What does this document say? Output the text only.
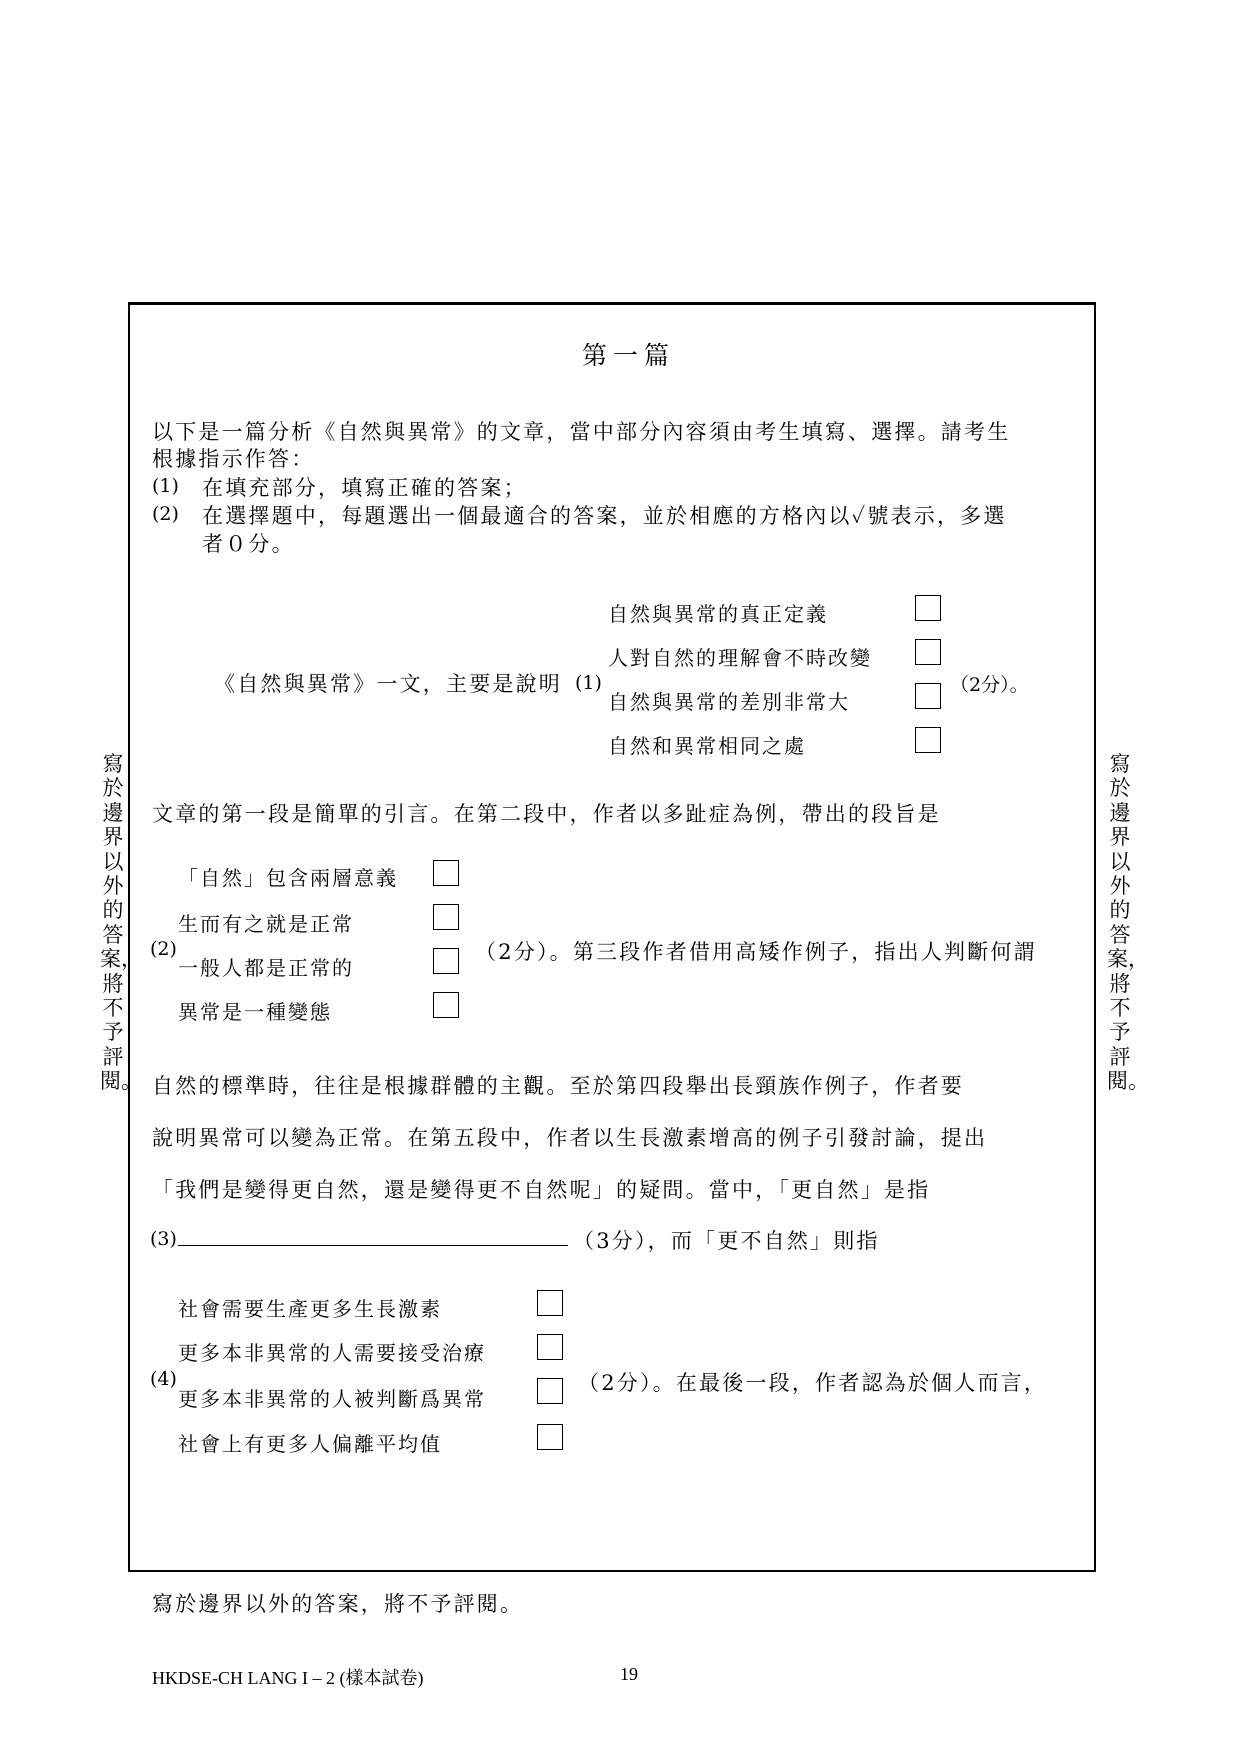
第一篇
以下是一篇分析《自然與異常》的文章，當中部分內容須由考生填寫、選擇。請考生
根據指示作答：
(1) 在填充部分，填寫正確的答案；
(2) 在選擇題中，每題選出一個最適合的答案，並於相應的方格內以✓號表示，多選
者０分。
《自然與異常》一文，主要是說明 (1)
自然與異常的真正定義
人對自然的理解會不時改變
自然與異常的差別非常大
自然和異常相同之處
（2分）。
文章的第一段是簡單的引言。在第二段中，作者以多趾症為例，帶出的段旨是
「自然」包含兩層意義
生而有之就是正常
一般人都是正常的
異常是一種變態
(2)	（2分）。第三段作者借用高矮作例子，指出人判斷何謂
自然的標準時，往往是根據群體的主觀。至於第四段舉出長頸族作例子，作者要
說明異常可以變為正常。在第五段中，作者以生長激素增高的例子引發討論，提出
「我們是變得更自然，還是變得更不自然呢」的疑問。當中，「更自然」是指
(3)	（3分），而「更不自然」則指
社會需要生產更多生長激素
更多本非異常的人需要接受治療
更多本非異常的人被判斷爲異常
社會上有更多人偏離平均值
(4)	（2分）。在最後一段，作者認為於個人而言，
寫於邊界以外的答案，將不予評閱。
寫於邊界以外的答案，將不予評閱。
寫於邊界以外的答案，將不予評閱。
HKDSE-CH LANG I – 2 (樣本試卷)	19
